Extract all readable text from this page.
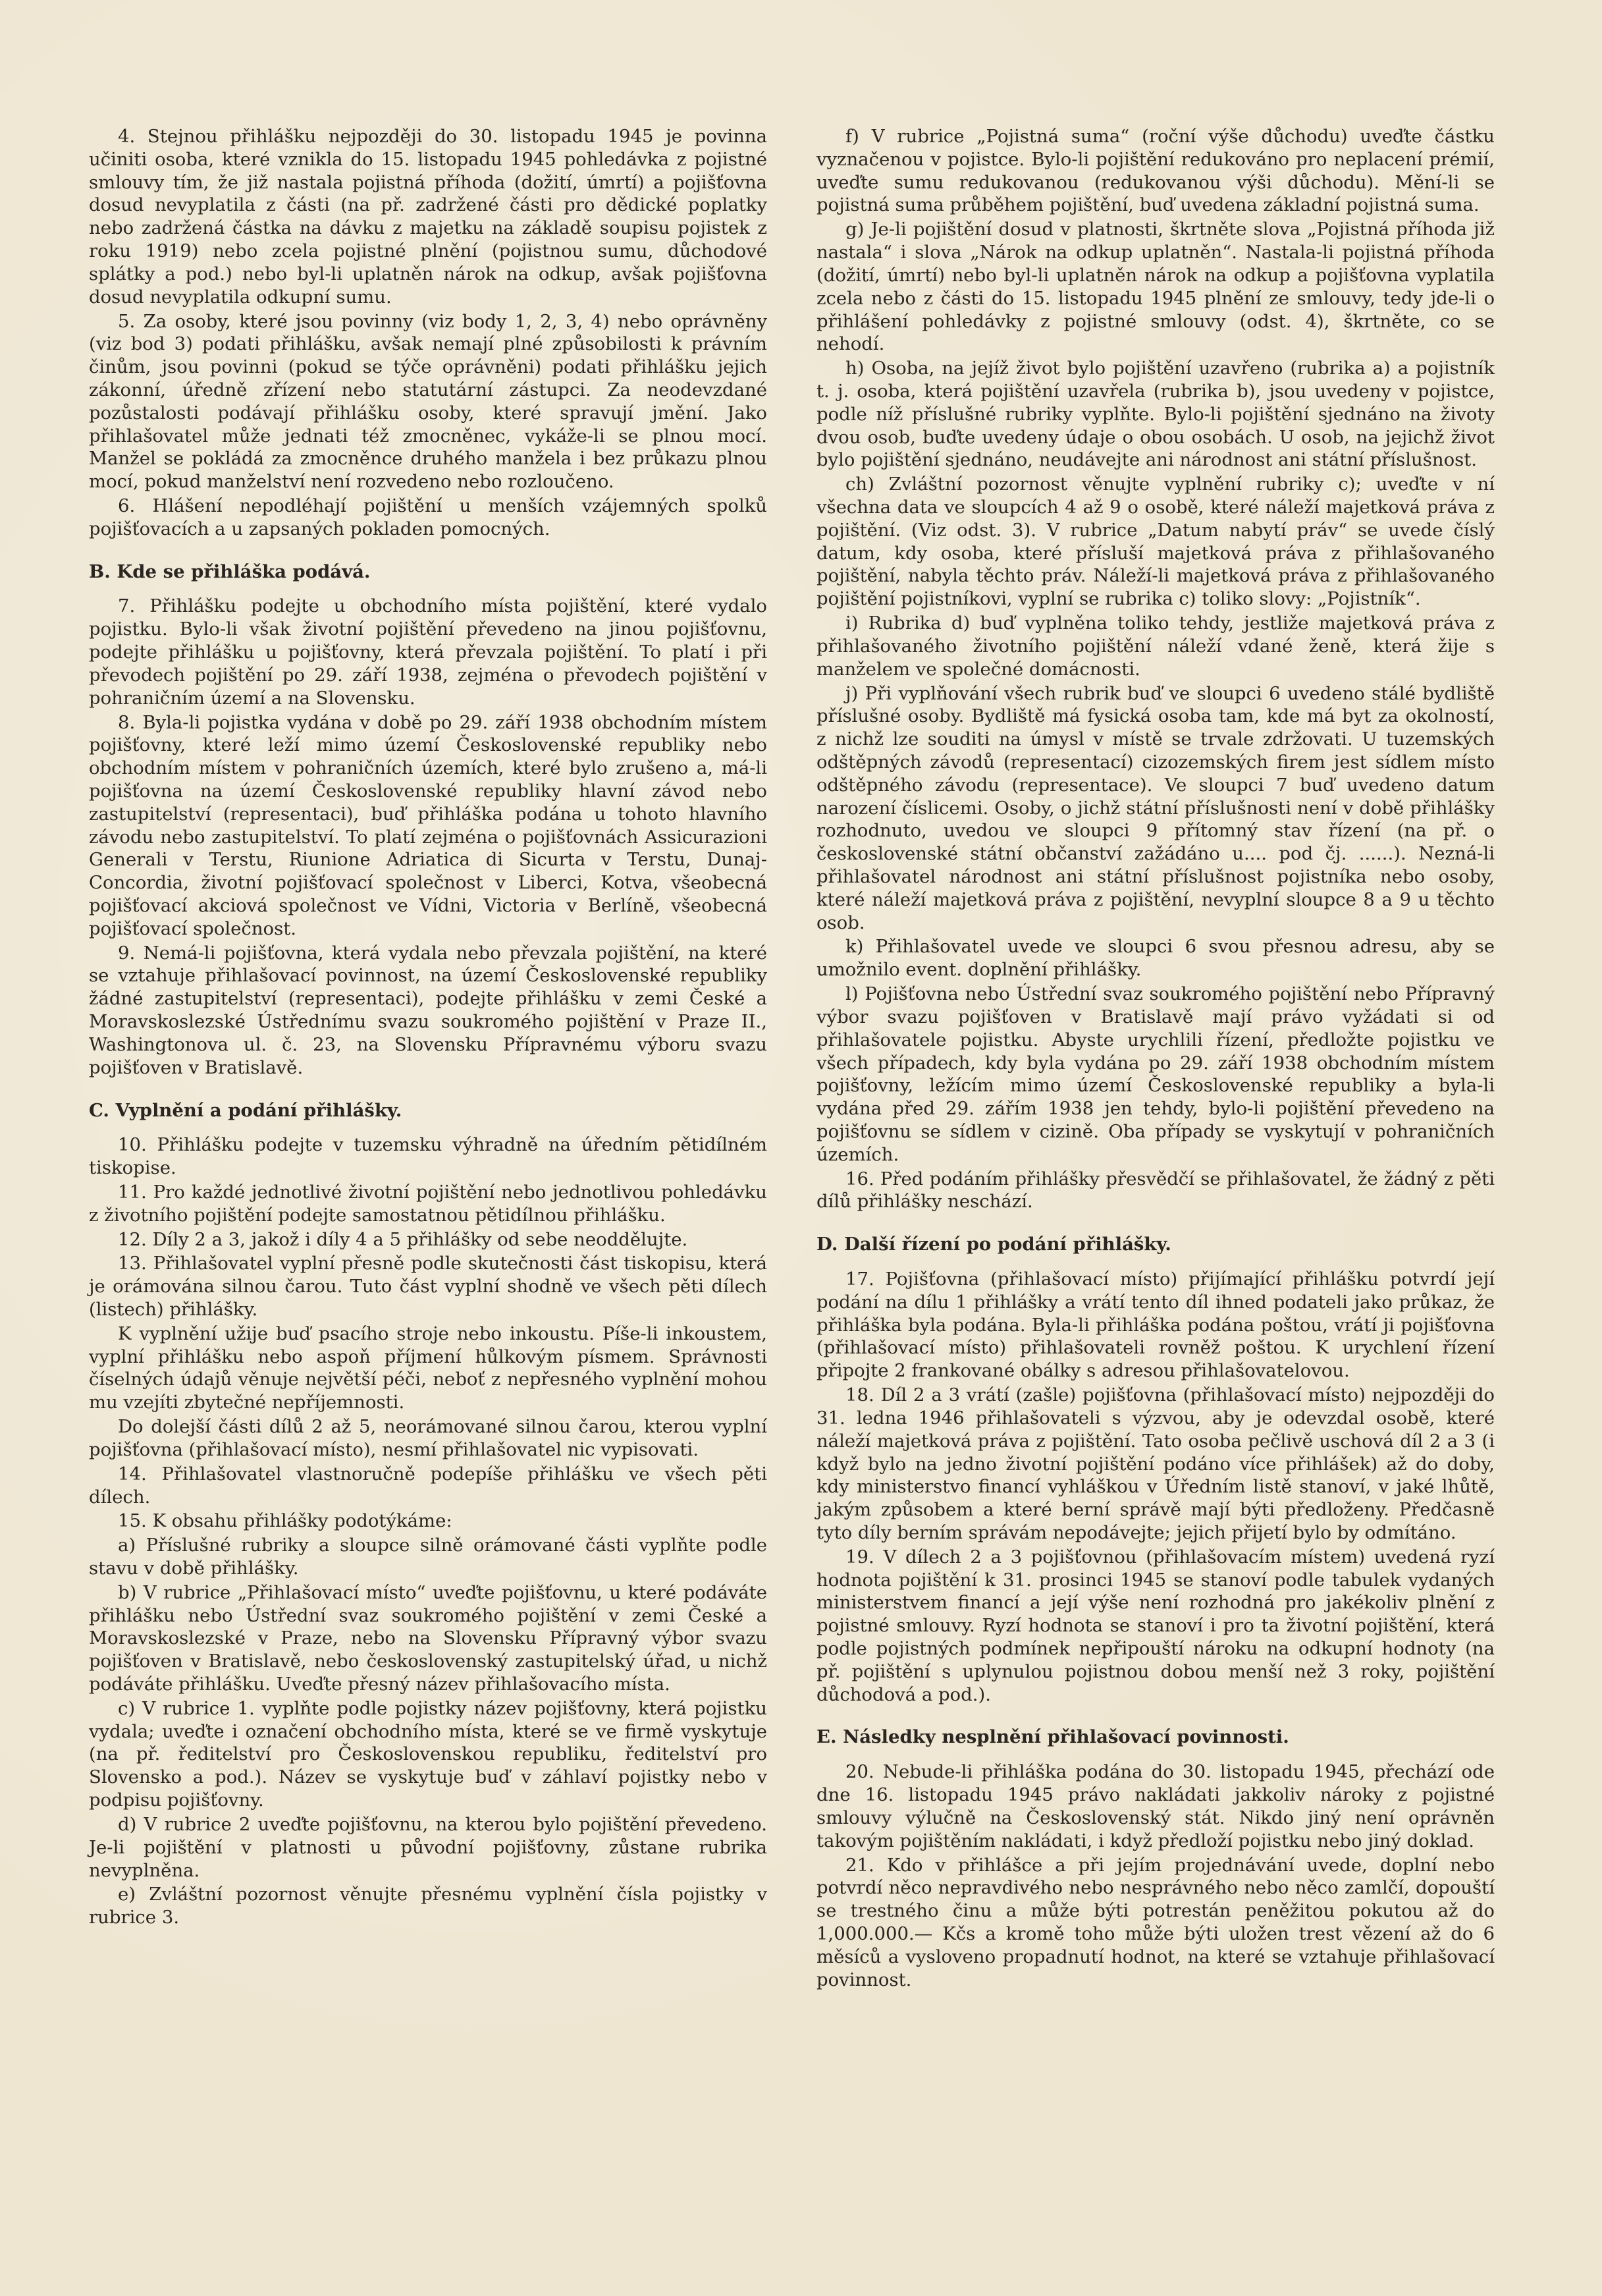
4. Stejnou přihlášku nejpozději do 30. listopadu 1945 je povinna učiniti osoba, které vznikla do 15. listopadu 1945 pohledávka z pojistné smlouvy tím, že již nastala pojistná příhoda (dožití, úmrtí) a pojišťovna dosud nevyplatila z části (na př. zadržené části pro dědické poplatky nebo zadržená částka na dávku z majetku na základě soupisu pojistek z roku 1919) nebo zcela pojistné plnění (pojistnou sumu, důchodové splátky a pod.) nebo byl-li uplatněn nárok na odkup, avšak pojišťovna dosud nevyplatila odkupní sumu.

5. Za osoby, které jsou povinny (viz body 1, 2, 3, 4) nebo oprávněny (viz bod 3) podati přihlášku, avšak nemají plné způsobilosti k právním činům, jsou povinni (pokud se týče oprávněni) podati přihlášku jejich zákonní, úředně zřízení nebo statutární zástupci. Za neodevzdané pozůstalosti podávají přihlášku osoby, které spravují jmění. Jako přihlašovatel může jednati též zmocněnec, vykáže-li se plnou mocí. Manžel se pokládá za zmocněnce druhého manžela i bez průkazu plnou mocí, pokud manželství není rozvedeno nebo rozloučeno.

6. Hlášení nepodléhají pojištění u menších vzájemných spolků pojišťovacích a u zapsaných pokladen pomocných.

B. Kde se přihláška podává.

7. Přihlášku podejte u obchodního místa pojištění, které vydalo pojistku. Bylo-li však životní pojištění převedeno na jinou pojišťovnu, podejte přihlášku u pojišťovny, která převzala pojištění. To platí i při převodech pojištění po 29. září 1938, zejména o převodech pojištění v pohraničním území a na Slovensku.

8. Byla-li pojistka vydána v době po 29. září 1938 obchodním místem pojišťovny, které leží mimo území Československé republiky nebo obchodním místem v pohraničních územích, které bylo zrušeno a, má-li pojišťovna na území Československé republiky hlavní závod nebo zastupitelství (representaci), buď přihláška podána u tohoto hlavního závodu nebo zastupitelství. To platí zejména o pojišťovnách Assicurazioni Generali v Terstu, Riunione Adriatica di Sicurta v Terstu, Dunaj-Concordia, životní pojišťovací společnost v Liberci, Kotva, všeobecná pojišťovací akciová společnost ve Vídni, Victoria v Berlíně, všeobecná pojišťovací společnost.

9. Nemá-li pojišťovna, která vydala nebo převzala pojištění, na které se vztahuje přihlašovací povinnost, na území Československé republiky žádné zastupitelství (representaci), podejte přihlášku v zemi České a Moravskoslezské Ústřednímu svazu soukromého pojištění v Praze II., Washingtonova ul. č. 23, na Slovensku Přípravnému výboru svazu pojišťoven v Bratislavě.

C. Vyplnění a podání přihlášky.

10. Přihlášku podejte v tuzemsku výhradně na úředním pětidílném tiskopise.

11. Pro každé jednotlivé životní pojištění nebo jednotlivou pohledávku z životního pojištění podejte samostatnou pětidílnou přihlášku.

12. Díly 2 a 3, jakož i díly 4 a 5 přihlášky od sebe neoddělujte.

13. Přihlašovatel vyplní přesně podle skutečnosti část tiskopisu, která je orámována silnou čarou. Tuto část vyplní shodně ve všech pěti dílech (listech) přihlášky.

K vyplnění užije buď psacího stroje nebo inkoustu. Píše-li inkoustem, vyplní přihlášku nebo aspoň příjmení hůlkovým písmem. Správnosti číselných údajů věnuje největší péči, neboť z nepřesného vyplnění mohou mu vzejíti zbytečné nepříjemnosti.

Do dolejší části dílů 2 až 5, neorámované silnou čarou, kterou vyplní pojišťovna (přihlašovací místo), nesmí přihlašovatel nic vypisovati.

14. Přihlašovatel vlastnoručně podepíše přihlášku ve všech pěti dílech.

15. K obsahu přihlášky podotýkáme:

a) Příslušné rubriky a sloupce silně orámované části vyplňte podle stavu v době přihlášky.

b) V rubrice „Přihlašovací místo“ uveďte pojišťovnu, u které podáváte přihlášku nebo Ústřední svaz soukromého pojištění v zemi České a Moravskoslezské v Praze, nebo na Slovensku Přípravný výbor svazu pojišťoven v Bratislavě, nebo československý zastupitelský úřad, u nichž podáváte přihlášku. Uveďte přesný název přihlašovacího místa.

c) V rubrice 1. vyplňte podle pojistky název pojišťovny, která pojistku vydala; uveďte i označení obchodního místa, které se ve firmě vyskytuje (na př. ředitelství pro Československou republiku, ředitelství pro Slovensko a pod.). Název se vyskytuje buď v záhlaví pojistky nebo v podpisu pojišťovny.

d) V rubrice 2 uveďte pojišťovnu, na kterou bylo pojištění převedeno. Je-li pojištění v platnosti u původní pojišťovny, zůstane rubrika nevyplněna.

e) Zvláštní pozornost věnujte přesnému vyplnění čísla pojistky v rubrice 3.

f) V rubrice „Pojistná suma“ (roční výše důchodu) uveďte částku vyznačenou v pojistce. Bylo-li pojištění redukováno pro neplacení prémií, uveďte sumu redukovanou (redukovanou výši důchodu). Mění-li se pojistná suma průběhem pojištění, buď uvedena základní pojistná suma.

g) Je-li pojištění dosud v platnosti, škrtněte slova „Pojistná příhoda již nastala“ i slova „Nárok na odkup uplatněn“. Nastala-li pojistná příhoda (dožití, úmrtí) nebo byl-li uplatněn nárok na odkup a pojišťovna vyplatila zcela nebo z části do 15. listopadu 1945 plnění ze smlouvy, tedy jde-li o přihlášení pohledávky z pojistné smlouvy (odst. 4), škrtněte, co se nehodí.

h) Osoba, na jejíž život bylo pojištění uzavřeno (rubrika a) a pojistník t. j. osoba, která pojištění uzavřela (rubrika b), jsou uvedeny v pojistce, podle níž příslušné rubriky vyplňte. Bylo-li pojištění sjednáno na životy dvou osob, buďte uvedeny údaje o obou osobách. U osob, na jejichž život bylo pojištění sjednáno, neudávejte ani národnost ani státní příslušnost.

ch) Zvláštní pozornost věnujte vyplnění rubriky c); uveďte v ní všechna data ve sloupcích 4 až 9 o osobě, které náleží majetková práva z pojištění. (Viz odst. 3). V rubrice „Datum nabytí práv“ se uvede číslý datum, kdy osoba, které přísluší majetková práva z přihlašovaného pojištění, nabyla těchto práv. Náleží-li majetková práva z přihlašovaného pojištění pojistníkovi, vyplní se rubrika c) toliko slovy: „Pojistník“.

i) Rubrika d) buď vyplněna toliko tehdy, jestliže majetková práva z přihlašovaného životního pojištění náleží vdané ženě, která žije s manželem ve společné domácnosti.

j) Při vyplňování všech rubrik buď ve sloupci 6 uvedeno stálé bydliště příslušné osoby. Bydliště má fysická osoba tam, kde má byt za okolností, z nichž lze souditi na úmysl v místě se trvale zdržovati. U tuzemských odštěpných závodů (representací) cizozemských firem jest sídlem místo odštěpného závodu (representace). Ve sloupci 7 buď uvedeno datum narození číslicemi. Osoby, o jichž státní příslušnosti není v době přihlášky rozhodnuto, uvedou ve sloupci 9 přítomný stav řízení (na př. o československé státní občanství zažádáno u.... pod čj. ......). Nezná-li přihlašovatel národnost ani státní příslušnost pojistníka nebo osoby, které náleží majetková práva z pojištění, nevyplní sloupce 8 a 9 u těchto osob.

k) Přihlašovatel uvede ve sloupci 6 svou přesnou adresu, aby se umožnilo event. doplnění přihlášky.

l) Pojišťovna nebo Ústřední svaz soukromého pojištění nebo Přípravný výbor svazu pojišťoven v Bratislavě mají právo vyžádati si od přihlašovatele pojistku. Abyste urychlili řízení, předložte pojistku ve všech případech, kdy byla vydána po 29. září 1938 obchodním místem pojišťovny, ležícím mimo území Československé republiky a byla-li vydána před 29. zářím 1938 jen tehdy, bylo-li pojištění převedeno na pojišťovnu se sídlem v cizině. Oba případy se vyskytují v pohraničních územích.

16. Před podáním přihlášky přesvědčí se přihlašovatel, že žádný z pěti dílů přihlášky neschází.

D. Další řízení po podání přihlášky.

17. Pojišťovna (přihlašovací místo) přijímající přihlášku potvrdí její podání na dílu 1 přihlášky a vrátí tento díl ihned podateli jako průkaz, že přihláška byla podána. Byla-li přihláška podána poštou, vrátí ji pojišťovna (přihlašovací místo) přihlašovateli rovněž poštou. K urychlení řízení připojte 2 frankované obálky s adresou přihlašovatelovou.

18. Díl 2 a 3 vrátí (zašle) pojišťovna (přihlašovací místo) nejpozději do 31. ledna 1946 přihlašovateli s výzvou, aby je odevzdal osobě, které náleží majetková práva z pojištění. Tato osoba pečlivě uschová díl 2 a 3 (i když bylo na jedno životní pojištění podáno více přihlášek) až do doby, kdy ministerstvo financí vyhláškou v Úředním listě stanoví, v jaké lhůtě, jakým způsobem a které berní správě mají býti předloženy. Předčasně tyto díly berním správám nepodávejte; jejich přijetí bylo by odmítáno.

19. V dílech 2 a 3 pojišťovnou (přihlašovacím místem) uvedená ryzí hodnota pojištění k 31. prosinci 1945 se stanoví podle tabulek vydaných ministerstvem financí a její výše není rozhodná pro jakékoliv plnění z pojistné smlouvy. Ryzí hodnota se stanoví i pro ta životní pojištění, která podle pojistných podmínek nepřipouští nároku na odkupní hodnoty (na př. pojištění s uplynulou pojistnou dobou menší než 3 roky, pojištění důchodová a pod.).

E. Následky nesplnění přihlašovací povinnosti.

20. Nebude-li přihláška podána do 30. listopadu 1945, přechází ode dne 16. listopadu 1945 právo nakládati jakkoliv nároky z pojistné smlouvy výlučně na Československý stát. Nikdo jiný není oprávněn takovým pojištěním nakládati, i když předloží pojistku nebo jiný doklad.

21. Kdo v přihlášce a při jejím projednávání uvede, doplní nebo potvrdí něco nepravdivého nebo nesprávného nebo něco zamlčí, dopouští se trestného činu a může býti potrestán peněžitou pokutou až do 1,000.000.— Kčs a kromě toho může býti uložen trest vězení až do 6 měsíců a vysloveno propadnutí hodnot, na které se vztahuje přihlašovací povinnost.
